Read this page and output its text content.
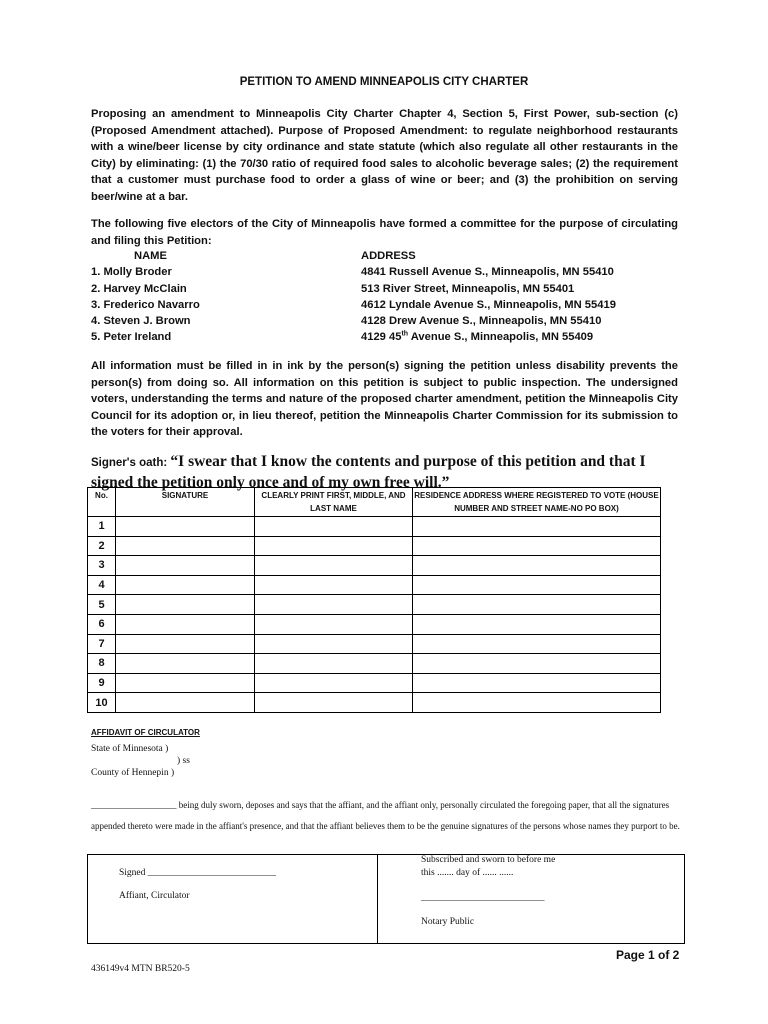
PETITION TO AMEND MINNEAPOLIS CITY CHARTER
Proposing an amendment to Minneapolis City Charter Chapter 4, Section 5, First Power, sub-section (c) (Proposed Amendment attached). Purpose of Proposed Amendment: to regulate neighborhood restaurants with a wine/beer license by city ordinance and state statute (which also regulate all other restaurants in the City) by eliminating: (1) the 70/30 ratio of required food sales to alcoholic beverage sales; (2) the requirement that a customer must purchase food to order a glass of wine or beer; and (3) the prohibition on serving beer/wine at a bar.
The following five electors of the City of Minneapolis have formed a committee for the purpose of circulating and filing this Petition:
NAME	ADDRESS
1. Molly Broder	4841 Russell Avenue S., Minneapolis, MN 55410
2. Harvey McClain	513 River Street, Minneapolis, MN 55401
3. Frederico Navarro	4612 Lyndale Avenue S., Minneapolis, MN 55419
4. Steven J. Brown	4128 Drew Avenue S., Minneapolis, MN 55410
5. Peter Ireland	4129 45th Avenue S., Minneapolis, MN 55409
All information must be filled in in ink by the person(s) signing the petition unless disability prevents the person(s) from doing so. All information on this petition is subject to public inspection. The undersigned voters, understanding the terms and nature of the proposed charter amendment, petition the Minneapolis City Council for its adoption or, in lieu thereof, petition the Minneapolis Charter Commission for its submission to the voters for their approval.
Signer's oath: “I swear that I know the contents and purpose of this petition and that I signed the petition only once and of my own free will.”
No.	SIGNATURE	CLEARLY PRINT FIRST, MIDDLE, AND LAST NAME	RESIDENCE ADDRESS WHERE REGISTERED TO VOTE (HOUSE NUMBER AND STREET NAME-NO PO BOX)
1			
2			
3			
4			
5			
6			
7			
8			
9			
10			
AFFIDAVIT OF CIRCULATOR
State of Minnesota )
) ss
County of Hennepin )
___________________ being duly sworn, deposes and says that the affiant, and the affiant only, personally circulated the foregoing paper, that all the signatures appended thereto were made in the affiant's presence, and that the affiant believes them to be the genuine signatures of the persons whose names they purport to be.
Signed ___________________________
Affiant, Circulator
Subscribed and sworn to before me
this ....... day of ...... ......
__________________________
Notary Public
Page 1 of 2
436149v4 MTN BR520-5
